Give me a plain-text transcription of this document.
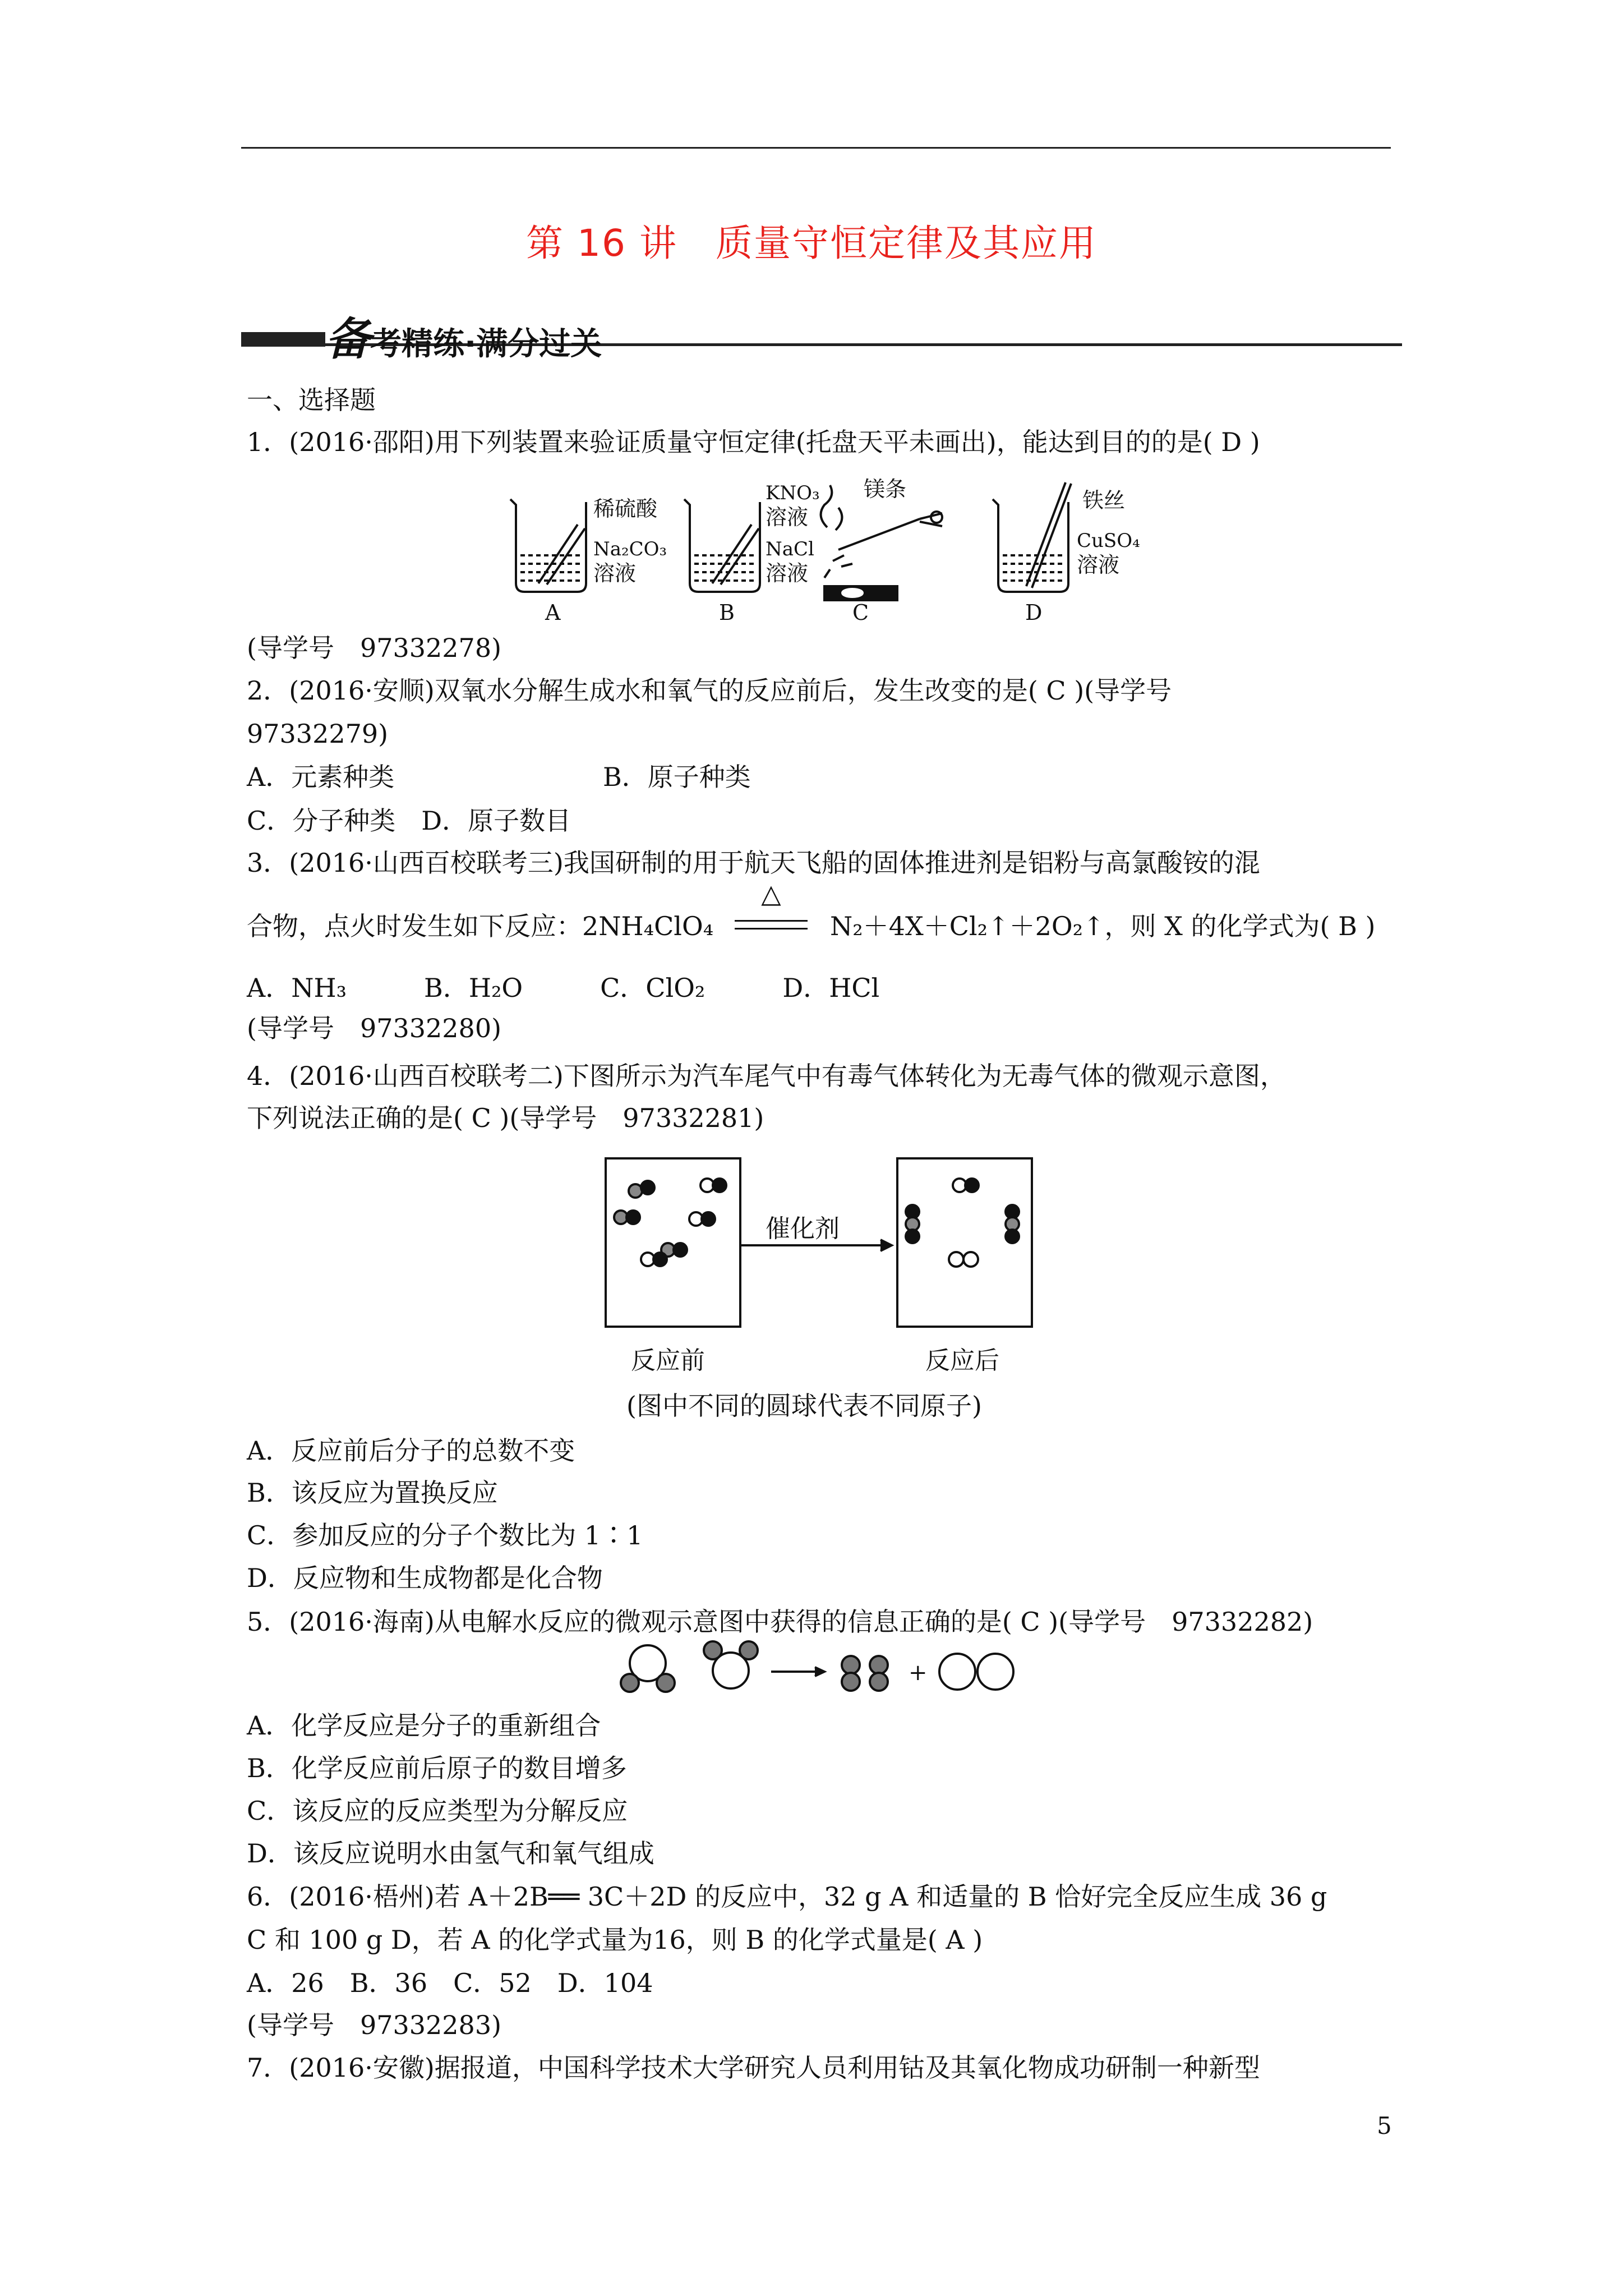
第 16 讲　质量守恒定律及其应用
备考精练·满分过关
一、选择题
1．(2016·邵阳)用下列装置来验证质量守恒定律(托盘天平未画出)，能达到目的的是( D )
稀硫酸
Na₂CO₃
溶液
A
KNO₃
溶液
NaCl
溶液
B
镁条
C
铁丝
CuSO₄
溶液
D
(导学号　97332278)
2．(2016·安顺)双氧水分解生成水和氧气的反应前后，发生改变的是( C )(导学号
97332279)
A．元素种类	B．原子种类
C．分子种类　D．原子数目
3．(2016·山西百校联考三)我国研制的用于航天飞船的固体推进剂是铝粉与高氯酸铵的混
合物，点火时发生如下反应：2NH₄ClO₄
△
N₂＋4X＋Cl₂↑＋2O₂↑，则 X 的化学式为( B )
A．NH₃　　　B．H₂O　　　C．ClO₂　　　D．HCl
(导学号　97332280)
4．(2016·山西百校联考二)下图所示为汽车尾气中有毒气体转化为无毒气体的微观示意图，
下列说法正确的是( C )(导学号　97332281)
催化剂
反应前	反应后
(图中不同的圆球代表不同原子)
A．反应前后分子的总数不变
B．该反应为置换反应
C．参加反应的分子个数比为 1∶1
D．反应物和生成物都是化合物
5．(2016·海南)从电解水反应的微观示意图中获得的信息正确的是( C )(导学号　97332282)
+
A．化学反应是分子的重新组合
B．化学反应前后原子的数目增多
C．该反应的反应类型为分解反应
D．该反应说明水由氢气和氧气组成
6．(2016·梧州)若 A＋2B══ 3C＋2D 的反应中，32 g A 和适量的 B 恰好完全反应生成 36 g
C 和 100 g D，若 A 的化学式量为16，则 B 的化学式量是( A )
A．26　B．36　C．52　D．104
(导学号　97332283)
7．(2016·安徽)据报道，中国科学技术大学研究人员利用钴及其氧化物成功研制一种新型
5
